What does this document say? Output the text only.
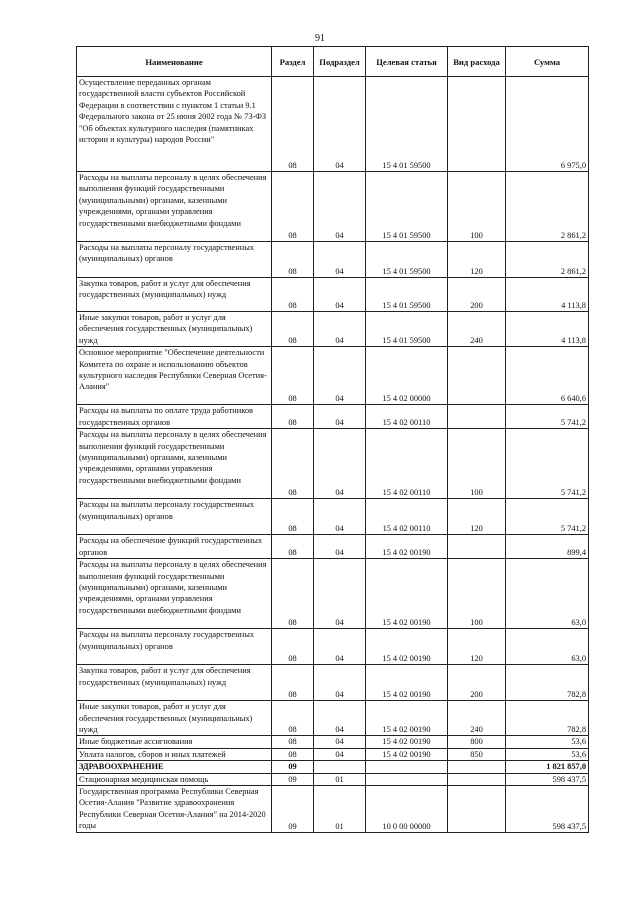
91
Наименование	Раздел	Подраздел	Целевая статья	Вид расхода	Сумма
Осуществление переданных органам государственной власти субъектов Российской Федерации в соответствии с пунктом 1 статьи 9.1 Федерального закона от 25 июня 2002 года № 73-ФЗ "Об объектах культурного наследия (памятниках истории и культуры) народов России"	08	04	15 4 01 59500		6 975,0
Расходы на выплаты персоналу в целях обеспечения выполнения функций государственными (муниципальными) органами, казенными учреждениями, органами управления государственными внебюджетными фондами	08	04	15 4 01 59500	100	2 861,2
Расходы на выплаты персоналу государственных (муниципальных) органов	08	04	15 4 01 59500	120	2 861,2
Закупка товаров, работ и услуг для обеспечения государственных (муниципальных) нужд	08	04	15 4 01 59500	200	4 113,8
Иные закупки товаров, работ и услуг для обеспечения государственных (муниципальных) нужд	08	04	15 4 01 59500	240	4 113,8
Основное мероприятие "Обеспечение деятельности Комитета по охране и использованию объектов культурного наследия Республики Северная Осетия-Алания"	08	04	15 4 02 00000		6 640,6
Расходы на выплаты по оплате труда работников государственных органов	08	04	15 4 02 00110		5 741,2
Расходы на выплаты персоналу в целях обеспечения выполнения функций государственными (муниципальными) органами, казенными учреждениями, органами управления государственными внебюджетными фондами	08	04	15 4 02 00110	100	5 741,2
Расходы на выплаты персоналу государственных (муниципальных) органов	08	04	15 4 02 00110	120	5 741,2
Расходы на обеспечение функций государственных органов	08	04	15 4 02 00190		899,4
Расходы на выплаты персоналу в целях обеспечения выполнения функций государственными (муниципальными) органами, казенными учреждениями, органами управления государственными внебюджетными фондами	08	04	15 4 02 00190	100	63,0
Расходы на выплаты персоналу государственных (муниципальных) органов	08	04	15 4 02 00190	120	63,0
Закупка товаров, работ и услуг для обеспечения государственных (муниципальных) нужд	08	04	15 4 02 00190	200	782,8
Иные закупки товаров, работ и услуг для обеспечения государственных (муниципальных) нужд	08	04	15 4 02 00190	240	782,8
Иные бюджетные ассигнования	08	04	15 4 02 00190	800	53,6
Уплата налогов, сборов и иных платежей	08	04	15 4 02 00190	850	53,6
ЗДРАВООХРАНЕНИЕ	09				1 821 857,0
Стационарная медицинская помощь	09	01			598 437,5
Государственная программа Республики Северная Осетия-Алания "Развитие здравоохранения Республики Северная Осетия-Алания" на 2014-2020 годы	09	01	10 0 00 00000		598 437,5
